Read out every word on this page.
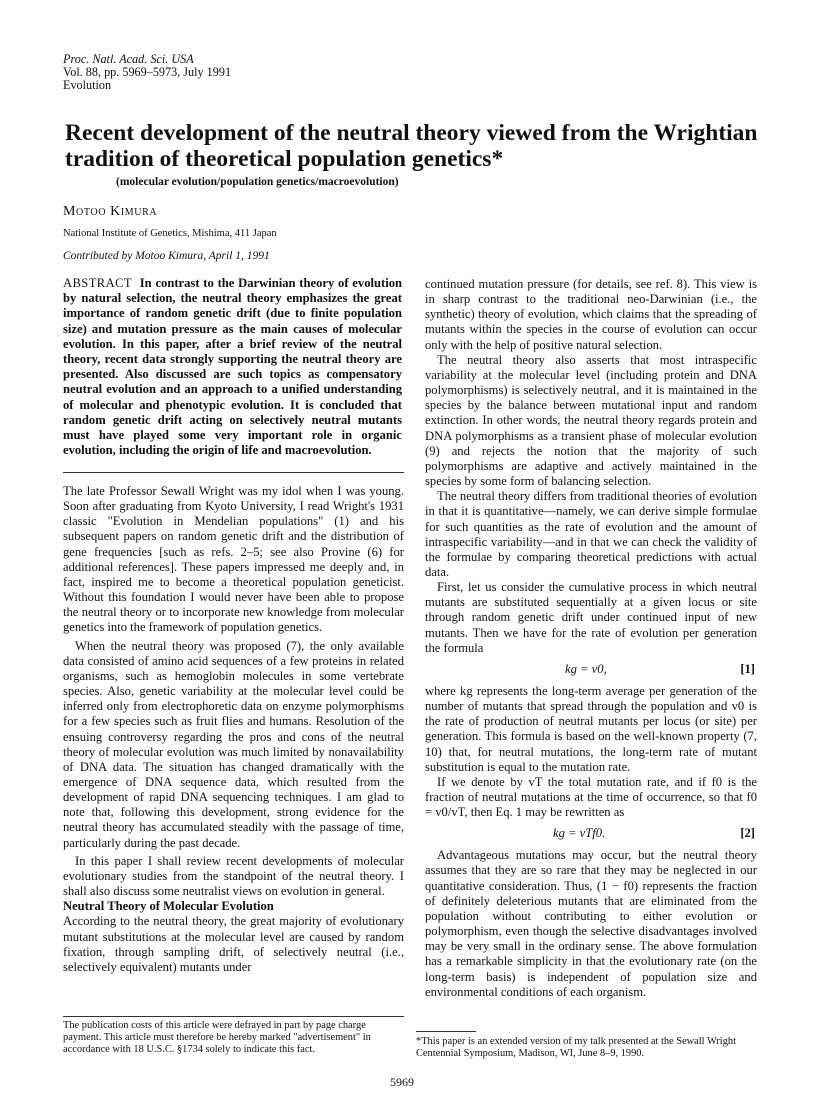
Proc. Natl. Acad. Sci. USA
Vol. 88, pp. 5969–5973, July 1991
Evolution
Recent development of the neutral theory viewed from the Wrightian tradition of theoretical population genetics*
(molecular evolution/population genetics/macroevolution)
Motoo Kimura
National Institute of Genetics, Mishima, 411 Japan
Contributed by Motoo Kimura, April 1, 1991
ABSTRACT In contrast to the Darwinian theory of evolution by natural selection, the neutral theory emphasizes the great importance of random genetic drift (due to finite population size) and mutation pressure as the main causes of molecular evolution. In this paper, after a brief review of the neutral theory, recent data strongly supporting the neutral theory are presented. Also discussed are such topics as compensatory neutral evolution and an approach to a unified understanding of molecular and phenotypic evolution. It is concluded that random genetic drift acting on selectively neutral mutants must have played some very important role in organic evolution, including the origin of life and macroevolution.

The late Professor Sewall Wright was my idol when I was young. Soon after graduating from Kyoto University, I read Wright's 1931 classic "Evolution in Mendelian populations" (1) and his subsequent papers on random genetic drift and the distribution of gene frequencies [such as refs. 2–5; see also Provine (6) for additional references]. These papers impressed me deeply and, in fact, inspired me to become a theoretical population geneticist. Without this foundation I would never have been able to propose the neutral theory or to incorporate new knowledge from molecular genetics into the framework of population genetics.

When the neutral theory was proposed (7), the only available data consisted of amino acid sequences of a few proteins in related organisms, such as hemoglobin molecules in some vertebrate species. Also, genetic variability at the molecular level could be inferred only from electrophoretic data on enzyme polymorphisms for a few species such as fruit flies and humans. Resolution of the ensuing controversy regarding the pros and cons of the neutral theory of molecular evolution was much limited by nonavailability of DNA data. The situation has changed dramatically with the emergence of DNA sequence data, which resulted from the development of rapid DNA sequencing techniques. I am glad to note that, following this development, strong evidence for the neutral theory has accumulated steadily with the passage of time, particularly during the past decade.

In this paper I shall review recent developments of molecular evolutionary studies from the standpoint of the neutral theory. I shall also discuss some neutralist views on evolution in general.

Neutral Theory of Molecular Evolution

According to the neutral theory, the great majority of evolutionary mutant substitutions at the molecular level are caused by random fixation, through sampling drift, of selectively neutral (i.e., selectively equivalent) mutants under

continued mutation pressure (for details, see ref. 8). This view is in sharp contrast to the traditional neo-Darwinian (i.e., the synthetic) theory of evolution, which claims that the spreading of mutants within the species in the course of evolution can occur only with the help of positive natural selection.

The neutral theory also asserts that most intraspecific variability at the molecular level (including protein and DNA polymorphisms) is selectively neutral, and it is maintained in the species by the balance between mutational input and random extinction. In other words, the neutral theory regards protein and DNA polymorphisms as a transient phase of molecular evolution (9) and rejects the notion that the majority of such polymorphisms are adaptive and actively maintained in the species by some form of balancing selection.

The neutral theory differs from traditional theories of evolution in that it is quantitative—namely, we can derive simple formulae for such quantities as the rate of evolution and the amount of intraspecific variability—and in that we can check the validity of the formulae by comparing theoretical predictions with actual data.

First, let us consider the cumulative process in which neutral mutants are substituted sequentially at a given locus or site through random genetic drift under continued input of new mutants. Then we have for the rate of evolution per generation the formula

kg = v0,	[1]

where kg represents the long-term average per generation of the number of mutants that spread through the population and v0 is the rate of production of neutral mutants per locus (or site) per generation. This formula is based on the well-known property (7, 10) that, for neutral mutations, the long-term rate of mutant substitution is equal to the mutation rate.

If we denote by vT the total mutation rate, and if f0 is the fraction of neutral mutations at the time of occurrence, so that f0 = v0/vT, then Eq. 1 may be rewritten as

kg = vTf0.	[2]

Advantageous mutations may occur, but the neutral theory assumes that they are so rare that they may be neglected in our quantitative consideration. Thus, (1 − f0) represents the fraction of definitely deleterious mutants that are eliminated from the population without contributing to either evolution or polymorphism, even though the selective disadvantages involved may be very small in the ordinary sense. The above formulation has a remarkable simplicity in that the evolutionary rate (on the long-term basis) is independent of population size and environmental conditions of each organism.

The publication costs of this article were defrayed in part by page charge payment. This article must therefore be hereby marked "advertisement" in accordance with 18 U.S.C. §1734 solely to indicate this fact.
*This paper is an extended version of my talk presented at the Sewall Wright Centennial Symposium, Madison, WI, June 8–9, 1990.
5969
